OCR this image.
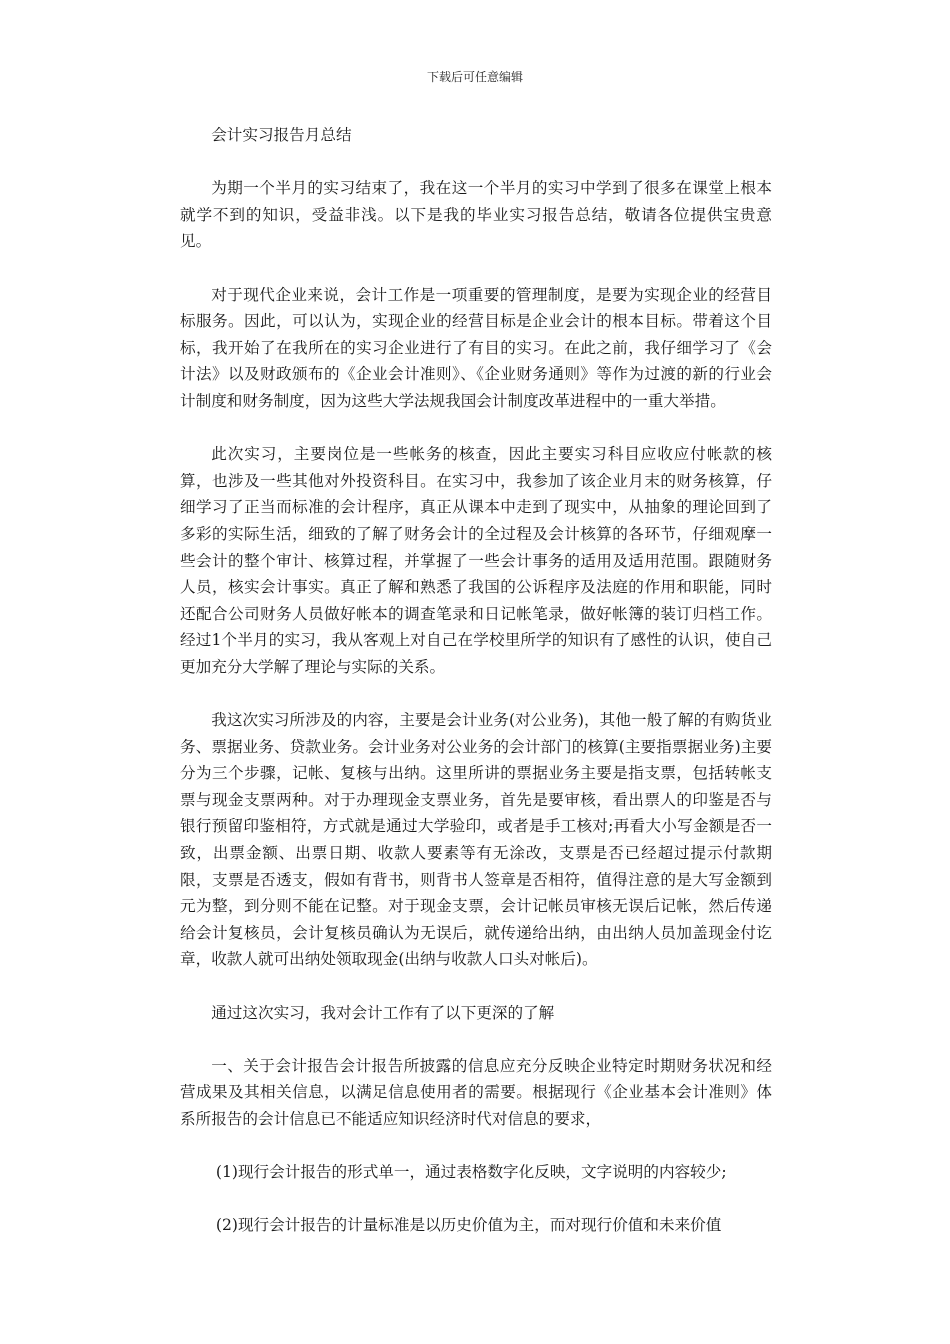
下载后可任意编辑

会计实习报告月总结

为期一个半月的实习结束了，我在这一个半月的实习中学到了很多在课堂上根本就学不到的知识，受益非浅。以下是我的毕业实习报告总结，敬请各位提供宝贵意见。

对于现代企业来说，会计工作是一项重要的管理制度，是要为实现企业的经营目标服务。因此，可以认为，实现企业的经营目标是企业会计的根本目标。带着这个目标，我开始了在我所在的实习企业进行了有目的实习。在此之前，我仔细学习了《会计法》以及财政颁布的《企业会计准则》、《企业财务通则》等作为过渡的新的行业会计制度和财务制度，因为这些大学法规我国会计制度改革进程中的一重大举措。

此次实习，主要岗位是一些帐务的核查，因此主要实习科目应收应付帐款的核算，也涉及一些其他对外投资科目。在实习中，我参加了该企业月末的财务核算，仔细学习了正当而标准的会计程序，真正从课本中走到了现实中，从抽象的理论回到了多彩的实际生活，细致的了解了财务会计的全过程及会计核算的各环节，仔细观摩一些会计的整个审计、核算过程，并掌握了一些会计事务的适用及适用范围。跟随财务人员，核实会计事实。真正了解和熟悉了我国的公诉程序及法庭的作用和职能，同时还配合公司财务人员做好帐本的调查笔录和日记帐笔录，做好帐簿的装订归档工作。经过1个半月的实习，我从客观上对自己在学校里所学的知识有了感性的认识，使自己更加充分大学解了理论与实际的关系。

我这次实习所涉及的内容，主要是会计业务(对公业务)，其他一般了解的有购货业务、票据业务、贷款业务。会计业务对公业务的会计部门的核算(主要指票据业务)主要分为三个步骤，记帐、复核与出纳。这里所讲的票据业务主要是指支票，包括转帐支票与现金支票两种。对于办理现金支票业务，首先是要审核，看出票人的印鉴是否与银行预留印鉴相符，方式就是通过大学验印，或者是手工核对;再看大小写金额是否一致，出票金额、出票日期、收款人要素等有无涂改，支票是否已经超过提示付款期限，支票是否透支，假如有背书，则背书人签章是否相符，值得注意的是大写金额到元为整，到分则不能在记整。对于现金支票，会计记帐员审核无误后记帐，然后传递给会计复核员，会计复核员确认为无误后，就传递给出纳，由出纳人员加盖现金付讫章，收款人就可出纳处领取现金(出纳与收款人口头对帐后)。

通过这次实习，我对会计工作有了以下更深的了解

一、关于会计报告会计报告所披露的信息应充分反映企业特定时期财务状况和经营成果及其相关信息，以满足信息使用者的需要。根据现行《企业基本会计准则》体系所报告的会计信息已不能适应知识经济时代对信息的要求，

(1)现行会计报告的形式单一，通过表格数字化反映，文字说明的内容较少;

(2)现行会计报告的计量标准是以历史价值为主，而对现行价值和未来价值
